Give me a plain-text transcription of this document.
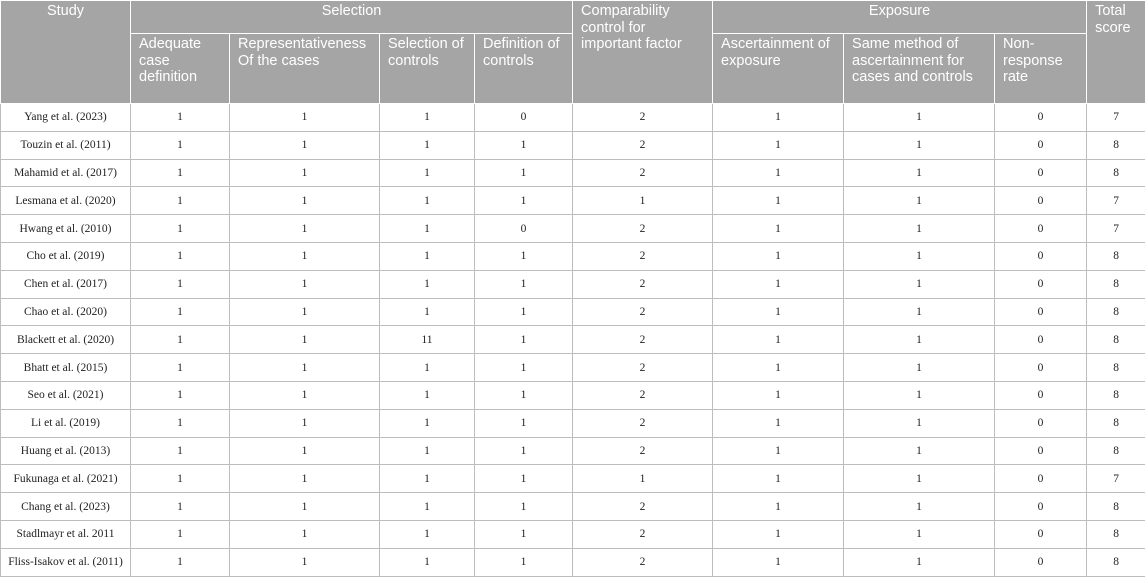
Study	Selection				Comparability control for important factor	Exposure			Total score
	Adequate case definition	Representativeness Of the cases	Selection of controls	Definition of controls		Ascertainment of exposure	Same method of ascertainment for cases and controls	Non-response rate	
Yang et al. (2023)	1	1	1	0	2	1	1	0	7
Touzin et al. (2011)	1	1	1	1	2	1	1	0	8
Mahamid et al. (2017)	1	1	1	1	2	1	1	0	8
Lesmana et al. (2020)	1	1	1	1	1	1	1	0	7
Hwang et al. (2010)	1	1	1	0	2	1	1	0	7
Cho et al. (2019)	1	1	1	1	2	1	1	0	8
Chen et al. (2017)	1	1	1	1	2	1	1	0	8
Chao et al. (2020)	1	1	1	1	2	1	1	0	8
Blackett et al. (2020)	1	1	11	1	2	1	1	0	8
Bhatt et al. (2015)	1	1	1	1	2	1	1	0	8
Seo et al. (2021)	1	1	1	1	2	1	1	0	8
Li et al. (2019)	1	1	1	1	2	1	1	0	8
Huang et al. (2013)	1	1	1	1	2	1	1	0	8
Fukunaga et al. (2021)	1	1	1	1	1	1	1	0	7
Chang et al. (2023)	1	1	1	1	2	1	1	0	8
Stadlmayr et al. 2011	1	1	1	1	2	1	1	0	8
Fliss-Isakov et al. (2011)	1	1	1	1	2	1	1	0	8
